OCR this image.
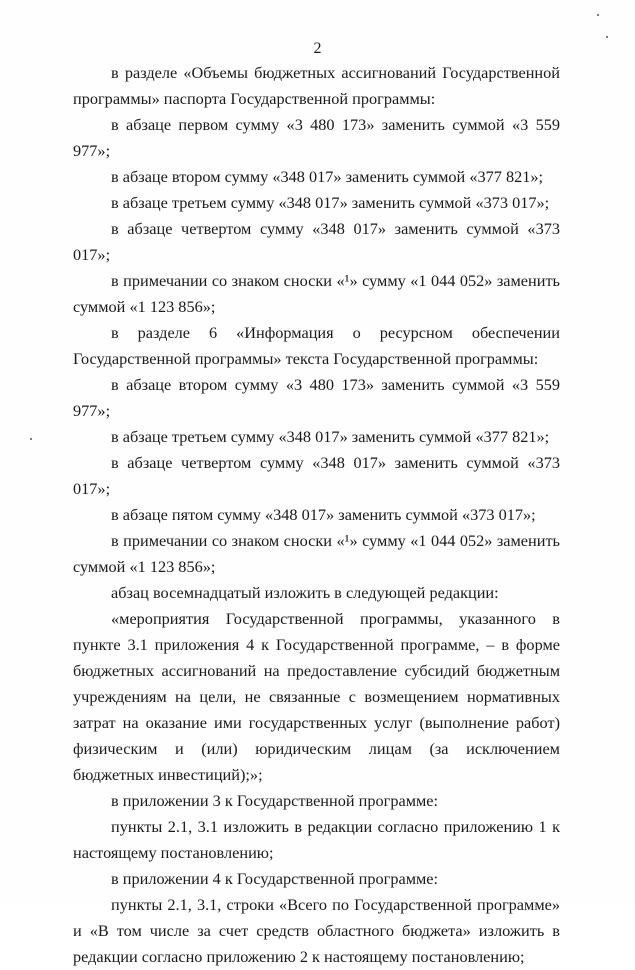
2

в разделе «Объемы бюджетных ассигнований Государственной программы» паспорта Государственной программы:

в абзаце первом сумму «3 480 173» заменить суммой «3 559 977»;

в абзаце втором сумму «348 017» заменить суммой «377 821»;

в абзаце третьем сумму «348 017» заменить суммой «373 017»;

в абзаце четвертом сумму «348 017» заменить суммой «373 017»;

в примечании со знаком сноски «¹» сумму «1 044 052» заменить суммой «1 123 856»;

в разделе 6 «Информация о ресурсном обеспечении Государственной программы» текста Государственной программы:

в абзаце втором сумму «3 480 173» заменить суммой «3 559 977»;

в абзаце третьем сумму «348 017» заменить суммой «377 821»;

в абзаце четвертом сумму «348 017» заменить суммой «373 017»;

в абзаце пятом сумму «348 017» заменить суммой «373 017»;

в примечании со знаком сноски «¹» сумму «1 044 052» заменить суммой «1 123 856»;

абзац восемнадцатый изложить в следующей редакции:

«мероприятия Государственной программы, указанного в пункте 3.1 приложения 4 к Государственной программе, – в форме бюджетных ассигнований на предоставление субсидий бюджетным учреждениям на цели, не связанные с возмещением нормативных затрат на оказание ими государственных услуг (выполнение работ) физическим и (или) юридическим лицам (за исключением бюджетных инвестиций);»;

в приложении 3 к Государственной программе:

пункты 2.1, 3.1 изложить в редакции согласно приложению 1 к настоящему постановлению;

в приложении 4 к Государственной программе:

пункты 2.1, 3.1, строки «Всего по Государственной программе» и «В том числе за счет средств областного бюджета» изложить в редакции согласно приложению 2 к настоящему постановлению;
